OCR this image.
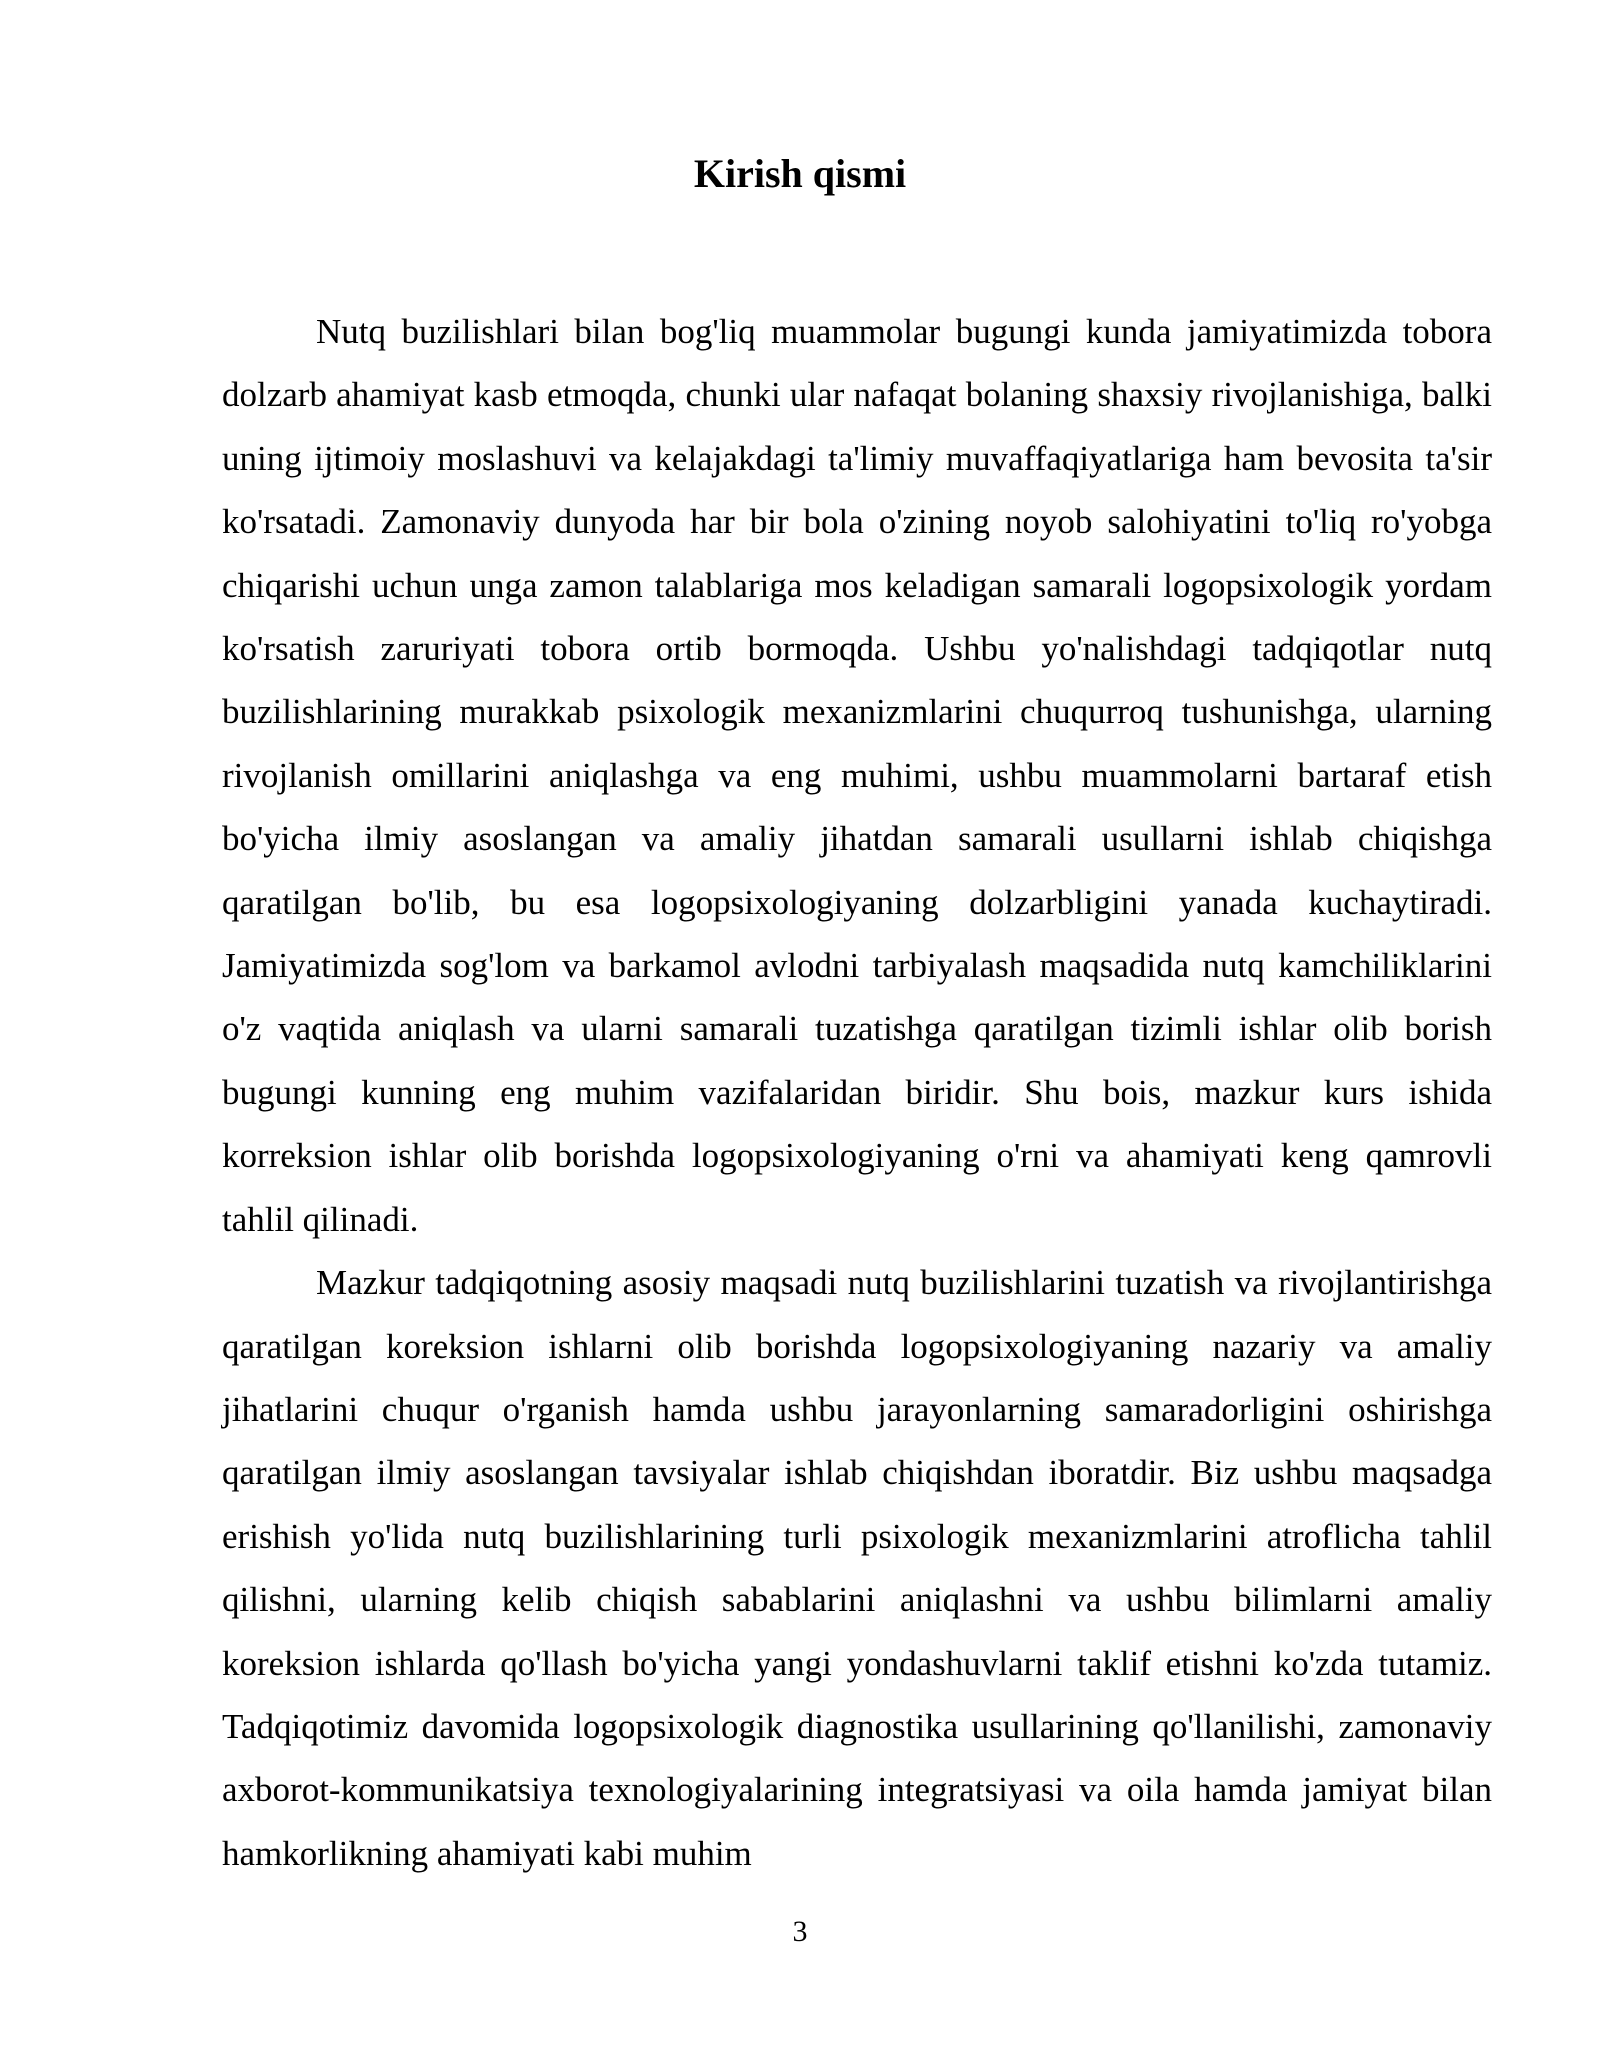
Kirish qismi

Nutq buzilishlari bilan bog'liq muammolar bugungi kunda jamiyatimizda tobora dolzarb ahamiyat kasb etmoqda, chunki ular nafaqat bolaning shaxsiy rivojlanishiga, balki uning ijtimoiy moslashuvi va kelajakdagi ta'limiy muvaffaqiyatlariga ham bevosita ta'sir ko'rsatadi. Zamonaviy dunyoda har bir bola o'zining noyob salohiyatini to'liq ro'yobga chiqarishi uchun unga zamon talablariga mos keladigan samarali logopsixologik yordam ko'rsatish zaruriyati tobora ortib bormoqda. Ushbu yo'nalishdagi tadqiqotlar nutq buzilishlarining murakkab psixologik mexanizmlarini chuqurroq tushunishga, ularning rivojlanish omillarini aniqlashga va eng muhimi, ushbu muammolarni bartaraf etish bo'yicha ilmiy asoslangan va amaliy jihatdan samarali usullarni ishlab chiqishga qaratilgan bo'lib, bu esa logopsixologiyaning dolzarbligini yanada kuchaytiradi. Jamiyatimizda sog'lom va barkamol avlodni tarbiyalash maqsadida nutq kamchiliklarini o'z vaqtida aniqlash va ularni samarali tuzatishga qaratilgan tizimli ishlar olib borish bugungi kunning eng muhim vazifalaridan biridir. Shu bois, mazkur kurs ishida korreksion ishlar olib borishda logopsixologiyaning o'rni va ahamiyati keng qamrovli tahlil qilinadi.

Mazkur tadqiqotning asosiy maqsadi nutq buzilishlarini tuzatish va rivojlantirishga qaratilgan koreksion ishlarni olib borishda logopsixologiyaning nazariy va amaliy jihatlarini chuqur o'rganish hamda ushbu jarayonlarning samaradorligini oshirishga qaratilgan ilmiy asoslangan tavsiyalar ishlab chiqishdan iboratdir. Biz ushbu maqsadga erishish yo'lida nutq buzilishlarining turli psixologik mexanizmlarini atroflicha tahlil qilishni, ularning kelib chiqish sabablarini aniqlashni va ushbu bilimlarni amaliy koreksion ishlarda qo'llash bo'yicha yangi yondashuvlarni taklif etishni ko'zda tutamiz. Tadqiqotimiz davomida logopsixologik diagnostika usullarining qo'llanilishi, zamonaviy axborot-kommunikatsiya texnologiyalarining integratsiyasi va oila hamda jamiyat bilan hamkorlikning ahamiyati kabi muhim

3
